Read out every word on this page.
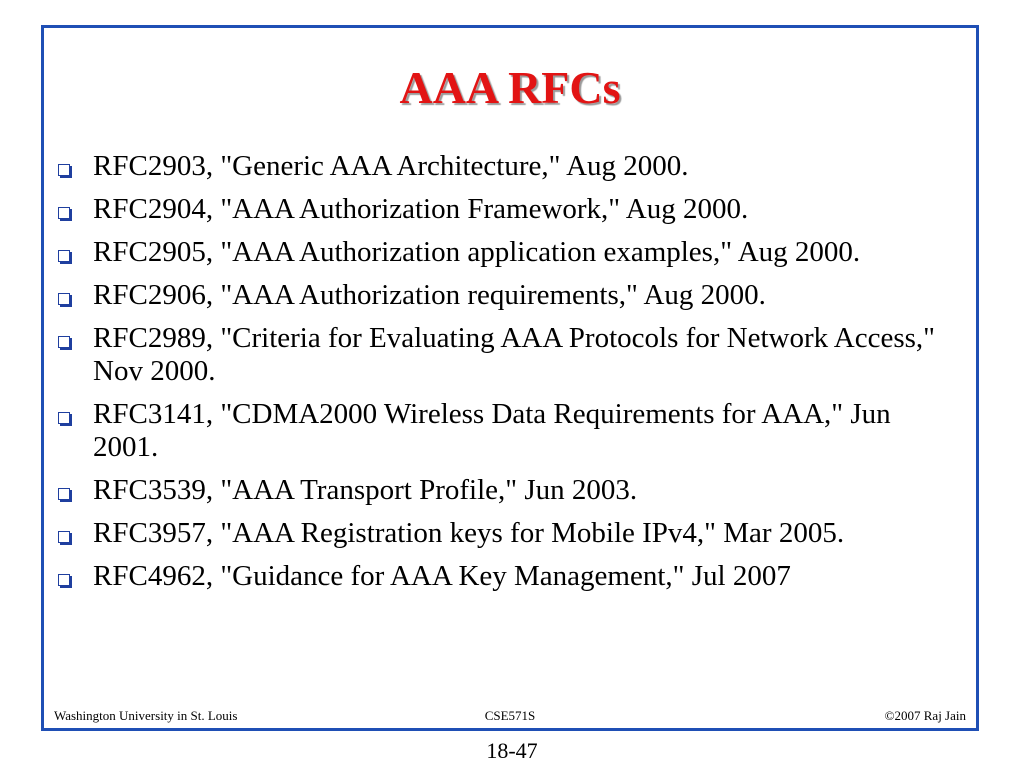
AAA RFCs
RFC2903, "Generic AAA Architecture," Aug 2000.
RFC2904, "AAA Authorization Framework," Aug 2000.
RFC2905, "AAA Authorization application examples," Aug 2000.
RFC2906, "AAA Authorization requirements," Aug 2000.
RFC2989, "Criteria for Evaluating AAA Protocols for Network Access," Nov 2000.
RFC3141, "CDMA2000 Wireless Data Requirements for AAA," Jun 2001.
RFC3539, "AAA Transport Profile," Jun 2003.
RFC3957, "AAA Registration keys for Mobile IPv4," Mar 2005.
RFC4962, "Guidance for AAA Key Management," Jul 2007
Washington University in St. Louis	CSE571S	©2007 Raj Jain
18-47
